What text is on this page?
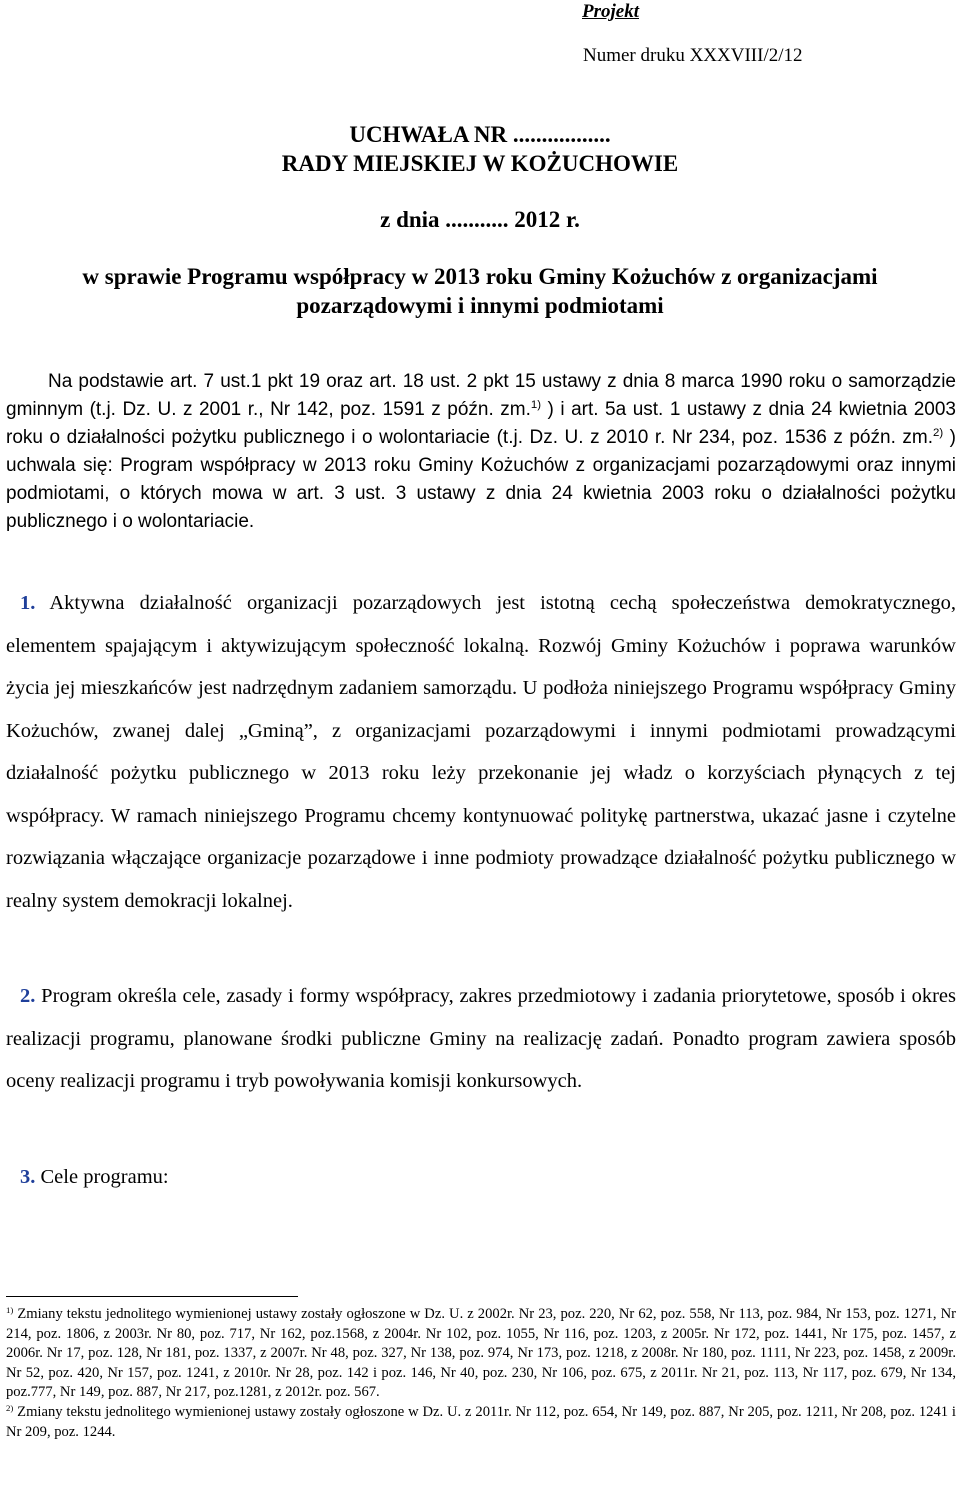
Projekt
Numer druku XXXVIII/2/12
UCHWAŁA NR .................
RADY MIEJSKIEJ W KOŻUCHOWIE
z dnia ........... 2012 r.
w sprawie Programu współpracy w 2013 roku Gminy Kożuchów z organizacjami
pozarządowymi i innymi podmiotami

Na podstawie art. 7 ust.1 pkt 19 oraz art. 18 ust. 2 pkt 15 ustawy z dnia 8 marca 1990 roku o samorządzie gminnym (t.j. Dz. U. z 2001 r., Nr 142, poz. 1591 z późn. zm.$^{1)}$ ) i art. 5a ust. 1 ustawy z dnia 24 kwietnia 2003 roku o działalności pożytku publicznego i o wolontariacie (t.j. Dz. U. z 2010 r. Nr 234, poz. 1536 z późn. zm.$^{2)}$ ) uchwala się: Program współpracy w 2013 roku Gminy Kożuchów z organizacjami pozarządowymi oraz innymi podmiotami, o których mowa w art. 3 ust. 3 ustawy z dnia 24 kwietnia 2003 roku o działalności pożytku publicznego i o wolontariacie.

1. Aktywna działalność organizacji pozarządowych jest istotną cechą społeczeństwa demokratycznego, elementem spajającym i aktywizującym społeczność lokalną. Rozwój Gminy Kożuchów i poprawa warunków życia jej mieszkańców jest nadrzędnym zadaniem samorządu. U podłoża niniejszego Programu współpracy Gminy Kożuchów, zwanej dalej „Gminą”, z organizacjami pozarządowymi i innymi podmiotami prowadzącymi działalność pożytku publicznego w 2013 roku leży przekonanie jej władz o korzyściach płynących z tej współpracy. W ramach niniejszego Programu chcemy kontynuować politykę partnerstwa, ukazać jasne i czytelne rozwiązania włączające organizacje pozarządowe i inne podmioty prowadzące działalność pożytku publicznego w realny system demokracji lokalnej.

2. Program określa cele, zasady i formy współpracy, zakres przedmiotowy i zadania priorytetowe, sposób i okres realizacji programu, planowane środki publiczne Gminy na realizację zadań. Ponadto program zawiera sposób oceny realizacji programu i tryb powoływania komisji konkursowych.

3. Cele programu:

$^{1)}$ Zmiany tekstu jednolitego wymienionej ustawy zostały ogłoszone w Dz. U. z 2002r. Nr 23, poz. 220, Nr 62, poz. 558, Nr 113, poz. 984, Nr 153, poz. 1271, Nr 214, poz. 1806, z 2003r. Nr 80, poz. 717, Nr 162, poz.1568, z 2004r. Nr 102, poz. 1055, Nr 116, poz. 1203, z 2005r. Nr 172, poz. 1441, Nr 175, poz. 1457, z 2006r. Nr 17, poz. 128, Nr 181, poz. 1337, z 2007r. Nr 48, poz. 327, Nr 138, poz. 974, Nr 173, poz. 1218, z 2008r. Nr 180, poz. 1111, Nr 223, poz. 1458, z 2009r. Nr 52, poz. 420, Nr 157, poz. 1241, z 2010r. Nr 28, poz. 142 i poz. 146, Nr 40, poz. 230, Nr 106, poz. 675, z 2011r. Nr 21, poz. 113, Nr 117, poz. 679, Nr 134, poz.777, Nr 149, poz. 887, Nr 217, poz.1281, z 2012r. poz. 567.

$^{2)}$ Zmiany tekstu jednolitego wymienionej ustawy zostały ogłoszone w Dz. U. z 2011r. Nr 112, poz. 654, Nr 149, poz. 887, Nr 205, poz. 1211, Nr 208, poz. 1241 i Nr 209, poz. 1244.
